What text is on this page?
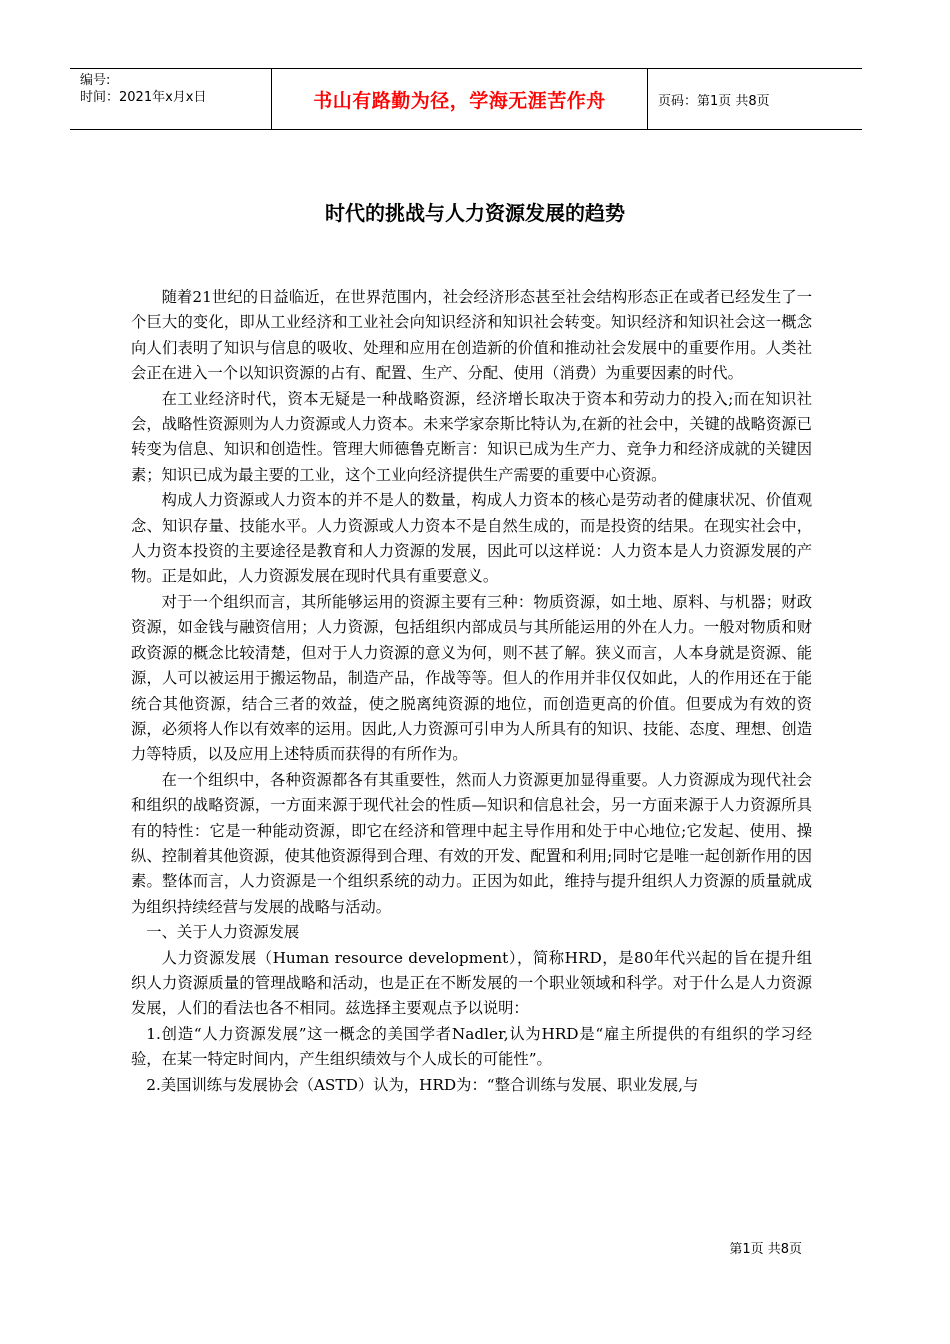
编号:
时间：2021年x月x日	书山有路勤为径，学海无涯苦作舟	页码：第1页 共8页
时代的挑战与人力资源发展的趋势

随着21世纪的日益临近，在世界范围内，社会经济形态甚至社会结构形态正在或者已经发生了一个巨大的变化，即从工业经济和工业社会向知识经济和知识社会转变。知识经济和知识社会这一概念向人们表明了知识与信息的吸收、处理和应用在创造新的价值和推动社会发展中的重要作用。人类社会正在进入一个以知识资源的占有、配置、生产、分配、使用（消费）为重要因素的时代。

在工业经济时代，资本无疑是一种战略资源，经济增长取决于资本和劳动力的投入;而在知识社会，战略性资源则为人力资源或人力资本。未来学家奈斯比特认为,在新的社会中，关键的战略资源已转变为信息、知识和创造性。管理大师德鲁克断言：知识已成为生产力、竞争力和经济成就的关键因素；知识已成为最主要的工业，这个工业向经济提供生产需要的重要中心资源。

构成人力资源或人力资本的并不是人的数量，构成人力资本的核心是劳动者的健康状况、价值观念、知识存量、技能水平。人力资源或人力资本不是自然生成的，而是投资的结果。在现实社会中，人力资本投资的主要途径是教育和人力资源的发展，因此可以这样说：人力资本是人力资源发展的产物。正是如此，人力资源发展在现时代具有重要意义。

对于一个组织而言，其所能够运用的资源主要有三种：物质资源，如土地、原料、与机器；财政资源，如金钱与融资信用；人力资源，包括组织内部成员与其所能运用的外在人力。一般对物质和财政资源的概念比较清楚，但对于人力资源的意义为何，则不甚了解。狭义而言，人本身就是资源、能源，人可以被运用于搬运物品，制造产品，作战等等。但人的作用并非仅仅如此，人的作用还在于能统合其他资源，结合三者的效益，使之脱离纯资源的地位，而创造更高的价值。但要成为有效的资源，必须将人作以有效率的运用。因此,人力资源可引申为人所具有的知识、技能、态度、理想、创造力等特质，以及应用上述特质而获得的有所作为。

在一个组织中，各种资源都各有其重要性，然而人力资源更加显得重要。人力资源成为现代社会和组织的战略资源，一方面来源于现代社会的性质—知识和信息社会，另一方面来源于人力资源所具有的特性：它是一种能动资源，即它在经济和管理中起主导作用和处于中心地位;它发起、使用、操纵、控制着其他资源，使其他资源得到合理、有效的开发、配置和利用;同时它是唯一起创新作用的因素。整体而言，人力资源是一个组织系统的动力。正因为如此，维持与提升组织人力资源的质量就成为组织持续经营与发展的战略与活动。

一、关于人力资源发展

人力资源发展（Human resource development），简称HRD，是80年代兴起的旨在提升组织人力资源质量的管理战略和活动，也是正在不断发展的一个职业领域和科学。对于什么是人力资源发展，人们的看法也各不相同。兹选择主要观点予以说明：

1.创造“人力资源发展”这一概念的美国学者Nadler,认为HRD是“雇主所提供的有组织的学习经验，在某一特定时间内，产生组织绩效与个人成长的可能性”。

2.美国训练与发展协会（ASTD）认为，HRD为：“整合训练与发展、职业发展,与

第1页 共8页
